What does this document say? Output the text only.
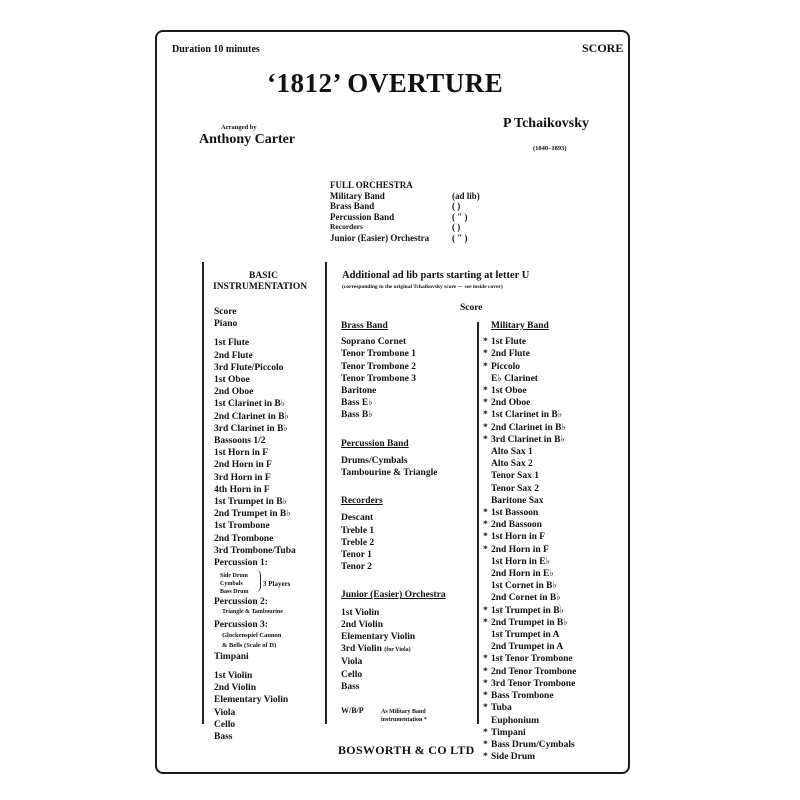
Duration 10 minutes	SCORE
‘1812’ OVERTURE
Arranged by
Anthony Carter
P Tchaikovsky
(1840–1893)
FULL ORCHESTRA
Military Band
Brass Band
Percussion Band
Recorders
Junior (Easier) Orchestra
(ad lib)
( )
( " )
( )
( " )
BASIC
INSTRUMENTATION
Score
Piano
1st Flute
2nd Flute
3rd Flute/Piccolo
1st Oboe
2nd Oboe
1st Clarinet in B♭
2nd Clarinet in B♭
3rd Clarinet in B♭
Bassoons 1/2
1st Horn in F
2nd Horn in F
3rd Horn in F
4th Horn in F
1st Trumpet in B♭
2nd Trumpet in B♭
1st Trombone
2nd Trombone
3rd Trombone/Tuba
Percussion 1:
Side Drum
Cymbals
Bass Drum
3 Players
Percussion 2:
Triangle & Tambourine
Percussion 3:
Glockenspiel Cannon
& Bells (Scale of D)
Timpani
1st Violin
2nd Violin
Elementary Violin
Viola
Cello
Bass
Additional ad lib parts starting at letter U
(corresponding to the original Tchaikovsky score — see inside cover)
Score
Brass Band
Soprano Cornet
Tenor Trombone 1
Tenor Trombone 2
Tenor Trombone 3
Baritone
Bass E♭
Bass B♭
Percussion Band
Drums/Cymbals
Tambourine & Triangle
Recorders
Descant
Treble 1
Treble 2
Tenor 1
Tenor 2
Junior (Easier) Orchestra
1st Violin
2nd Violin
Elementary Violin
3rd Violin (for Viola)
Viola
Cello
Bass
W/B/P	As Military Band
instrumentation *
Military Band
* 1st Flute
* 2nd Flute
* Piccolo
E♭ Clarinet
* 1st Oboe
* 2nd Oboe
* 1st Clarinet in B♭
* 2nd Clarinet in B♭
* 3rd Clarinet in B♭
Alto Sax 1
Alto Sax 2
Tenor Sax 1
Tenor Sax 2
Baritone Sax
* 1st Bassoon
* 2nd Bassoon
* 1st Horn in F
* 2nd Horn in F
1st Horn in E♭
2nd Horn in E♭
1st Cornet in B♭
2nd Cornet in B♭
* 1st Trumpet in B♭
* 2nd Trumpet in B♭
1st Trumpet in A
2nd Trumpet in A
* 1st Tenor Trombone
* 2nd Tenor Trombone
* 3rd Tenor Trombone
* Bass Trombone
* Tuba
Euphonium
* Timpani
* Bass Drum/Cymbals
* Side Drum
BOSWORTH & CO LTD
